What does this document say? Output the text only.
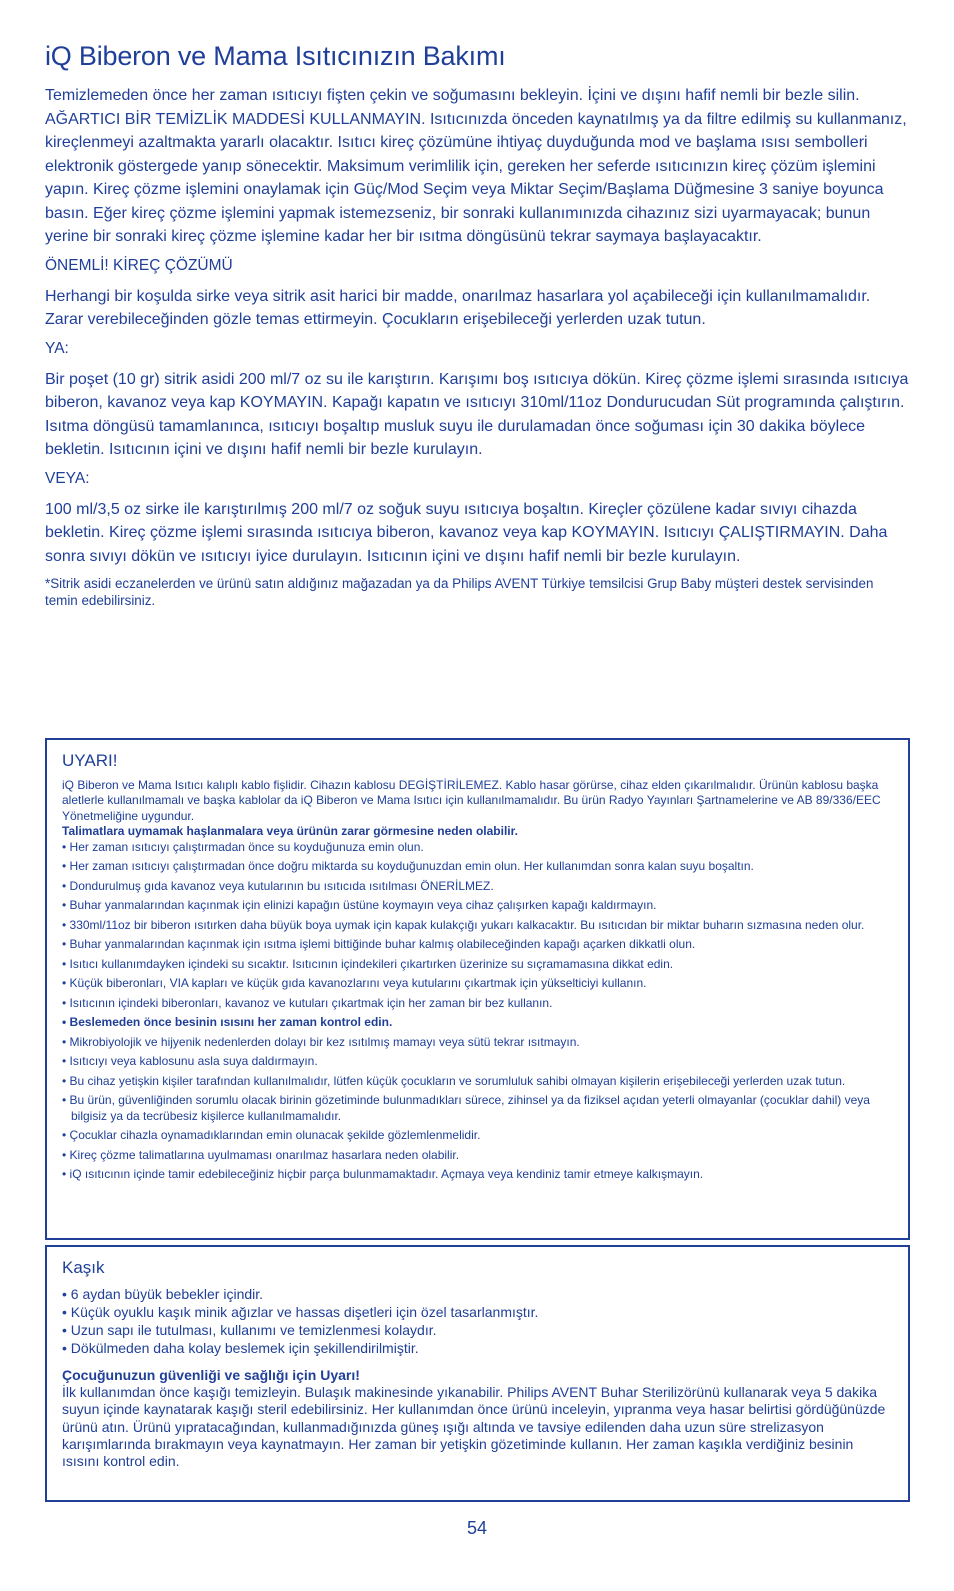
iQ Biberon ve Mama Isıtıcınızın Bakımı

Temizlemeden önce her zaman ısıtıcıyı fişten çekin ve soğumasını bekleyin. İçini ve dışını hafif nemli bir bezle silin. AĞARTICI BİR TEMİZLİK MADDESİ KULLANMAYIN. Isıtıcınızda önceden kaynatılmış ya da filtre edilmiş su kullanmanız, kireçlenmeyi azaltmakta yararlı olacaktır. Isıtıcı kireç çözümüne ihtiyaç duyduğunda mod ve başlama ısısı sembolleri elektronik göstergede yanıp sönecektir. Maksimum verimlilik için, gereken her seferde ısıtıcınızın kireç çözüm işlemini yapın. Kireç çözme işlemini onaylamak için Güç/Mod Seçim veya Miktar Seçim/Başlama Düğmesine 3 saniye boyunca basın. Eğer kireç çözme işlemini yapmak istemezseniz, bir sonraki kullanımınızda cihazınız sizi uyarmayacak; bunun yerine bir sonraki kireç çözme işlemine kadar her bir ısıtma döngüsünü tekrar saymaya başlayacaktır.

ÖNEMLİ! KİREÇ ÇÖZÜMÜ

Herhangi bir koşulda sirke veya sitrik asit harici bir madde, onarılmaz hasarlara yol açabileceği için kullanılmamalıdır. Zarar verebileceğinden gözle temas ettirmeyin. Çocukların erişebileceği yerlerden uzak tutun.

YA:

Bir poşet (10 gr) sitrik asidi 200 ml/7 oz su ile karıştırın. Karışımı boş ısıtıcıya dökün. Kireç çözme işlemi sırasında ısıtıcıya biberon, kavanoz veya kap KOYMAYIN. Kapağı kapatın ve ısıtıcıyı 310ml/11oz Dondurucudan Süt programında çalıştırın. Isıtma döngüsü tamamlanınca, ısıtıcıyı boşaltıp musluk suyu ile durulamadan önce soğuması için 30 dakika böylece bekletin. Isıtıcının içini ve dışını hafif nemli bir bezle kurulayın.

VEYA:

100 ml/3,5 oz sirke ile karıştırılmış 200 ml/7 oz soğuk suyu ısıtıcıya boşaltın. Kireçler çözülene kadar sıvıyı cihazda bekletin. Kireç çözme işlemi sırasında ısıtıcıya biberon, kavanoz veya kap KOYMAYIN. Isıtıcıyı ÇALIŞTIRMAYIN. Daha sonra sıvıyı dökün ve ısıtıcıyı iyice durulayın. Isıtıcının içini ve dışını hafif nemli bir bezle kurulayın.

*Sitrik asidi eczanelerden ve ürünü satın aldığınız mağazadan ya da Philips AVENT Türkiye temsilcisi Grup Baby müşteri destek servisinden temin edebilirsiniz.

UYARI!

iQ Biberon ve Mama Isıtıcı kalıplı kablo fişlidir. Cihazın kablosu DEGİŞTİRİLEMEZ. Kablo hasar görürse, cihaz elden çıkarılmalıdır. Ürünün kablosu başka aletlerle kullanılmamalı ve başka kablolar da iQ Biberon ve Mama Isıtıcı için kullanılmamalıdır. Bu ürün Radyo Yayınları Şartnamelerine ve AB 89/336/EEC Yönetmeliğine uygundur.

Talimatlara uymamak haşlanmalara veya ürünün zarar görmesine neden olabilir.

• Her zaman ısıtıcıyı çalıştırmadan önce su koyduğunuza emin olun.
• Her zaman ısıtıcıyı çalıştırmadan önce doğru miktarda su koyduğunuzdan emin olun. Her kullanımdan sonra kalan suyu boşaltın.
• Dondurulmuş gıda kavanoz veya kutularının bu ısıtıcıda ısıtılması ÖNERİLMEZ.
• Buhar yanmalarından kaçınmak için elinizi kapağın üstüne koymayın veya cihaz çalışırken kapağı kaldırmayın.
• 330ml/11oz bir biberon ısıtırken daha büyük boya uymak için kapak kulakçığı yukarı kalkacaktır. Bu ısıtıcıdan bir miktar buharın sızmasına neden olur.
• Buhar yanmalarından kaçınmak için ısıtma işlemi bittiğinde buhar kalmış olabileceğinden kapağı açarken dikkatli olun.
• Isıtıcı kullanımdayken içindeki su sıcaktır. Isıtıcının içindekileri çıkartırken üzerinize su sıçramamasına dikkat edin.
• Küçük biberonları, VIA kapları ve küçük gıda kavanozlarını veya kutularını çıkartmak için yükselticiyi kullanın.
• Isıtıcının içindeki biberonları, kavanoz ve kutuları çıkartmak için her zaman bir bez kullanın.
• Beslemeden önce besinin ısısını her zaman kontrol edin.
• Mikrobiyolojik ve hijyenik nedenlerden dolayı bir kez ısıtılmış mamayı veya sütü tekrar ısıtmayın.
• Isıtıcıyı veya kablosunu asla suya daldırmayın.
• Bu cihaz yetişkin kişiler tarafından kullanılmalıdır, lütfen küçük çocukların ve sorumluluk sahibi olmayan kişilerin erişebileceği yerlerden uzak tutun.
• Bu ürün, güvenliğinden sorumlu olacak birinin gözetiminde bulunmadıkları sürece, zihinsel ya da fiziksel açıdan yeterli olmayanlar (çocuklar dahil) veya bilgisiz ya da tecrübesiz kişilerce kullanılmamalıdır.
• Çocuklar cihazla oynamadıklarından emin olunacak şekilde gözlemlenmelidir.
• Kireç çözme talimatlarına uyulmaması onarılmaz hasarlara neden olabilir.
• iQ ısıtıcının içinde tamir edebileceğiniz hiçbir parça bulunmamaktadır. Açmaya veya kendiniz tamir etmeye kalkışmayın.
Kaşık
• 6 aydan büyük bebekler içindir.
• Küçük oyuklu kaşık minik ağızlar ve hassas dişetleri için özel tasarlanmıştır.
• Uzun sapı ile tutulması, kullanımı ve temizlenmesi kolaydır.
• Dökülmeden daha kolay beslemek için şekillendirilmiştir.

Çocuğunuzun güvenliği ve sağlığı için Uyarı!

İlk kullanımdan önce kaşığı temizleyin. Bulaşık makinesinde yıkanabilir. Philips AVENT Buhar Sterilizörünü kullanarak veya 5 dakika suyun içinde kaynatarak kaşığı steril edebilirsiniz. Her kullanımdan önce ürünü inceleyin, yıpranma veya hasar belirtisi gördüğünüzde ürünü atın. Ürünü yıpratacağından, kullanmadığınızda güneş ışığı altında ve tavsiye edilenden daha uzun süre strelizasyon karışımlarında bırakmayın veya kaynatmayın. Her zaman bir yetişkin gözetiminde kullanın. Her zaman kaşıkla verdiğiniz besinin ısısını kontrol edin.

54
